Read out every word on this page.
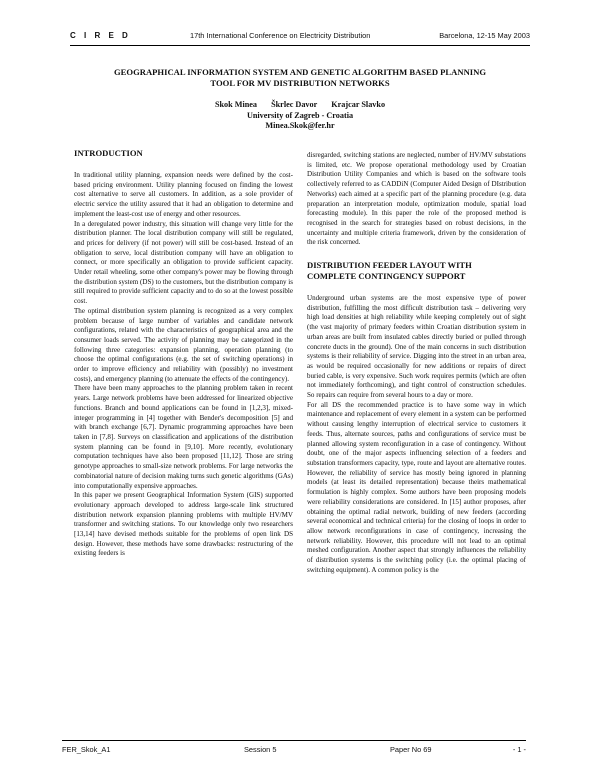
C I R E D	17th International Conference on Electricity Distribution	Barcelona, 12-15 May 2003
GEOGRAPHICAL INFORMATION SYSTEM AND GENETIC ALGORITHM BASED PLANNING
TOOL FOR MV DISTRIBUTION NETWORKS
Skok Minea Škrlec Davor Krajcar Slavko
University of Zagreb - Croatia
Minea.Skok@fer.hr
INTRODUCTION

In traditional utility planning, expansion needs were defined by the cost-based pricing environment. Utility planning focused on finding the lowest cost alternative to serve all customers. In addition, as a sole provider of electric service the utility assured that it had an obligation to determine and implement the least-cost use of energy and other resources.

In a deregulated power industry, this situation will change very little for the distribution planner. The local distribution company will still be regulated, and prices for delivery (if not power) will still be cost-based. Instead of an obligation to serve, local distribution company will have an obligation to connect, or more specifically an obligation to provide sufficient capacity. Under retail wheeling, some other company's power may be flowing through the distribution system (DS) to the customers, but the distribution company is still required to provide sufficient capacity and to do so at the lowest possible cost.

The optimal distribution system planning is recognized as a very complex problem because of large number of variables and candidate network configurations, related with the characteristics of geographical area and the consumer loads served. The activity of planning may be categorized in the following three categories: expansion planning, operation planning (to choose the optimal configurations (e.g. the set of switching operations) in order to improve efficiency and reliability with (possibly) no investment costs), and emergency planning (to attenuate the effects of the contingency).

There have been many approaches to the planning problem taken in recent years. Large network problems have been addressed for linearized objective functions. Branch and bound applications can be found in [1,2,3], mixed-integer programming in [4] together with Bender's decomposition [5] and with branch exchange [6,7]. Dynamic programming approaches have been taken in [7,8]. Surveys on classification and applications of the distribution system planning can be found in [9,10]. More recently, evolutionary computation techniques have also been proposed [11,12]. Those are string genotype approaches to small-size network problems. For large networks the combinatorial nature of decision making turns such genetic algorithms (GAs) into computationally expensive approaches.

In this paper we present Geographical Information System (GIS) supported evolutionary approach developed to address large-scale link structured distribution network expansion planning problems with multiple HV/MV transformer and switching stations. To our knowledge only two researchers [13,14] have devised methods suitable for the problems of open link DS design. However, these methods have some drawbacks: restructuring of the existing feeders is

disregarded, switching stations are neglected, number of HV/MV substations is limited, etc. We propose operational methodology used by Croatian Distribution Utility Companies and which is based on the software tools collectively referred to as CADDiN (Computer Aided Design of DIstribution Networks) each aimed at a specific part of the planning procedure (e.g. data preparation an interpretation module, optimization module, spatial load forecasting module). In this paper the role of the proposed method is recognised in the search for strategies based on robust decisions, in the uncertainty and multiple criteria framework, driven by the consideration of the risk concerned.

DISTRIBUTION FEEDER LAYOUT WITH
COMPLETE CONTINGENCY SUPPORT

Underground urban systems are the most expensive type of power distribution, fulfilling the most difficult distribution task – delivering very high load densities at high reliability while keeping completely out of sight (the vast majority of primary feeders within Croatian distribution system in urban areas are built from insulated cables directly buried or pulled through concrete ducts in the ground). One of the main concerns in such distribution systems is their reliability of service. Digging into the street in an urban area, as would be required occasionally for new additions or repairs of direct buried cable, is very expensive. Such work requires permits (which are often not immediately forthcoming), and tight control of construction schedules. So repairs can require from several hours to a day or more.

For all DS the recommended practice is to have some way in which maintenance and replacement of every element in a system can be performed without causing lengthy interruption of electrical service to customers it feeds. Thus, alternate sources, paths and configurations of service must be planned allowing system reconfiguration in a case of contingency. Without doubt, one of the major aspects influencing selection of a feeders and substation transformers capacity, type, route and layout are alternative routes. However, the reliability of service has mostly being ignored in planning models (at least its detailed representation) because theirs mathematical formulation is highly complex. Some authors have been proposing models were reliability considerations are considered. In [15] author proposes, after obtaining the optimal radial network, building of new feeders (according several economical and technical criteria) for the closing of loops in order to allow network reconfigurations in case of contingency, increasing the network reliability. However, this procedure will not lead to an optimal meshed configuration. Another aspect that strongly influences the reliability of distribution systems is the switching policy (i.e. the optimal placing of switching equipment). A common policy is the

FER_Skok_A1	Session 5	Paper No 69	- 1 -
